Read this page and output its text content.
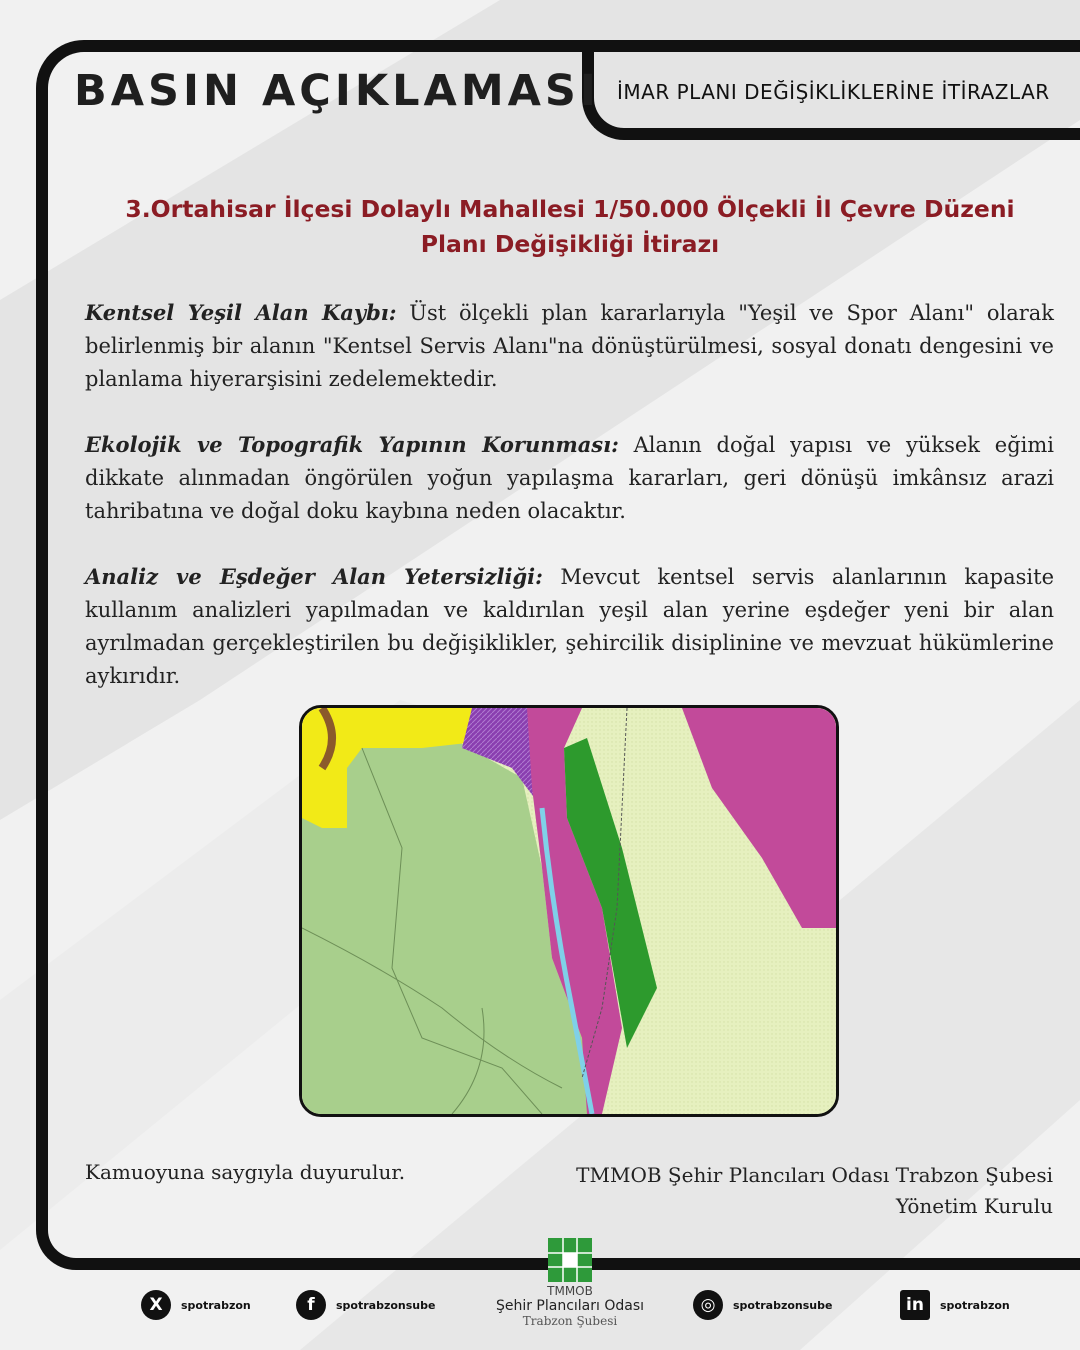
BASIN AÇIKLAMASI İMAR PLANI DEĞİŞİKLİKLERİNE İTİRAZLAR
3.Ortahisar İlçesi Dolaylı Mahallesi 1/50.000 Ölçekli İl Çevre Düzeni
Planı Değişikliği İtirazı
Kentsel Yeşil Alan Kaybı: Üst ölçekli plan kararlarıyla "Yeşil ve Spor Alanı" olarak belirlenmiş bir alanın "Kentsel Servis Alanı"na dönüştürülmesi, sosyal donatı dengesini ve planlama hiyerarşisini zedelemektedir.
Ekolojik ve Topografik Yapının Korunması: Alanın doğal yapısı ve yüksek eğimi dikkate alınmadan öngörülen yoğun yapılaşma kararları, geri dönüşü imkânsız arazi tahribatına ve doğal doku kaybına neden olacaktır.
Analiz ve Eşdeğer Alan Yetersizliği: Mevcut kentsel servis alanlarının kapasite kullanım analizleri yapılmadan ve kaldırılan yeşil alan yerine eşdeğer yeni bir alan ayrılmadan gerçekleştirilen bu değişiklikler, şehircilik disiplinine ve mevzuat hükümlerine aykırıdır.
Kamuoyuna saygıyla duyurulur.	TMMOB Şehir Plancıları Odası Trabzon Şubesi
Yönetim Kurulu
X	spotrabzon	f	spotrabzonsube
TMMOB
Şehir Plancıları Odası
Trabzon Şubesi
◎	spotrabzonsube	in	spotrabzon
